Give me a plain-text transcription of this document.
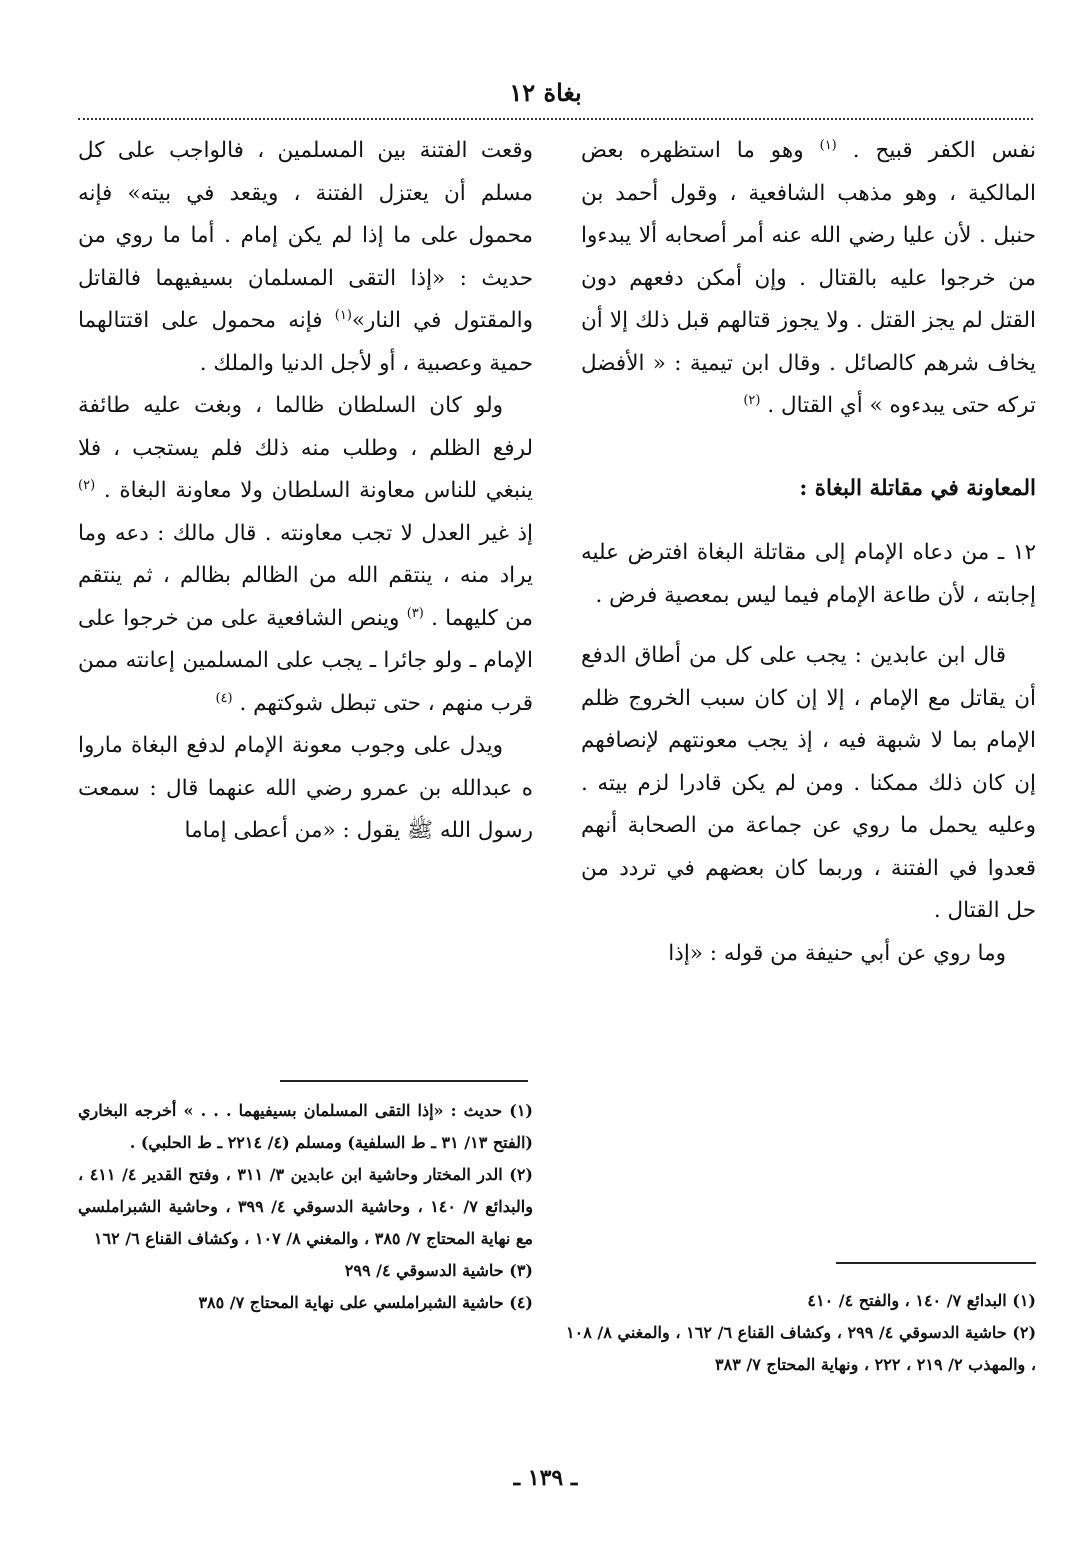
بغاة ١٢

نفس الكفر قبيح . $^{(١)}$ وهو ما استظهره بعض المالكية ، وهو مذهب الشافعية ، وقول أحمد بن حنبل . لأن عليا رضي الله عنه أمر أصحابه ألا يبدءوا من خرجوا عليه بالقتال . وإن أمكن دفعهم دون القتل لم يجز القتل . ولا يجوز قتالهم قبل ذلك إلا أن يخاف شرهم كالصائل . وقال ابن تيمية : « الأفضل تركه حتى يبدءوه » أي القتال . $^{(٢)}$

المعاونة في مقاتلة البغاة :

١٢ ـ من دعاه الإمام إلى مقاتلة البغاة افترض عليه إجابته ، لأن طاعة الإمام فيما ليس بمعصية فرض .

قال ابن عابدين : يجب على كل من أطاق الدفع أن يقاتل مع الإمام ، إلا إن كان سبب الخروج ظلم الإمام بما لا شبهة فيه ، إذ يجب معونتهم لإنصافهم إن كان ذلك ممكنا . ومن لم يكن قادرا لزم بيته . وعليه يحمل ما روي عن جماعة من الصحابة أنهم قعدوا في الفتنة ، وربما كان بعضهم في تردد من حل القتال .

وما روي عن أبي حنيفة من قوله : «إذا

وقعت الفتنة بين المسلمين ، فالواجب على كل مسلم أن يعتزل الفتنة ، ويقعد في بيته» فإنه محمول على ما إذا لم يكن إمام . أما ما روي من حديث : «إذا التقى المسلمان بسيفيهما فالقاتل والمقتول في النار»$^{(١)}$ فإنه محمول على اقتتالهما حمية وعصبية ، أو لأجل الدنيا والملك .

ولو كان السلطان ظالما ، وبغت عليه طائفة لرفع الظلم ، وطلب منه ذلك فلم يستجب ، فلا ينبغي للناس معاونة السلطان ولا معاونة البغاة . $^{(٢)}$ إذ غير العدل لا تجب معاونته . قال مالك : دعه وما يراد منه ، ينتقم الله من الظالم بظالم ، ثم ينتقم من كليهما . $^{(٣)}$ وينص الشافعية على من خرجوا على الإمام ـ ولو جائرا ـ يجب على المسلمين إعانته ممن قرب منهم ، حتى تبطل شوكتهم . $^{(٤)}$

ويدل على وجوب معونة الإمام لدفع البغاة ماروا ه عبدالله بن عمرو رضي الله عنهما قال : سمعت رسول الله ﷺ يقول : «من أعطى إماما

(١) البدائع ٧/ ١٤٠ ، والفتح ٤/ ٤١٠

(٢) حاشية الدسوقي ٤/ ٢٩٩ ، وكشاف القناع ٦/ ١٦٢ ، والمغني ٨/ ١٠٨ ، والمهذب ٢/ ٢١٩ ، ٢٢٢ ، ونهاية المحتاج ٧/ ٣٨٣

(١) حديث : «إذا التقى المسلمان بسيفيهما . . . » أخرجه البخاري (الفتح ١٣/ ٣١ ـ ط السلفية) ومسلم (٤/ ٢٢١٤ ـ ط الحلبي) .

(٢) الدر المختار وحاشية ابن عابدين ٣/ ٣١١ ، وفتح القدير ٤/ ٤١١ ، والبدائع ٧/ ١٤٠ ، وحاشية الدسوقي ٤/ ٣٩٩ ، وحاشية الشبراملسي مع نهاية المحتاج ٧/ ٣٨٥ ، والمغني ٨/ ١٠٧ ، وكشاف القناع ٦/ ١٦٢

(٣) حاشية الدسوقي ٤/ ٢٩٩

(٤) حاشية الشبراملسي على نهاية المحتاج ٧/ ٣٨٥

ـ ١٣٩ ـ
